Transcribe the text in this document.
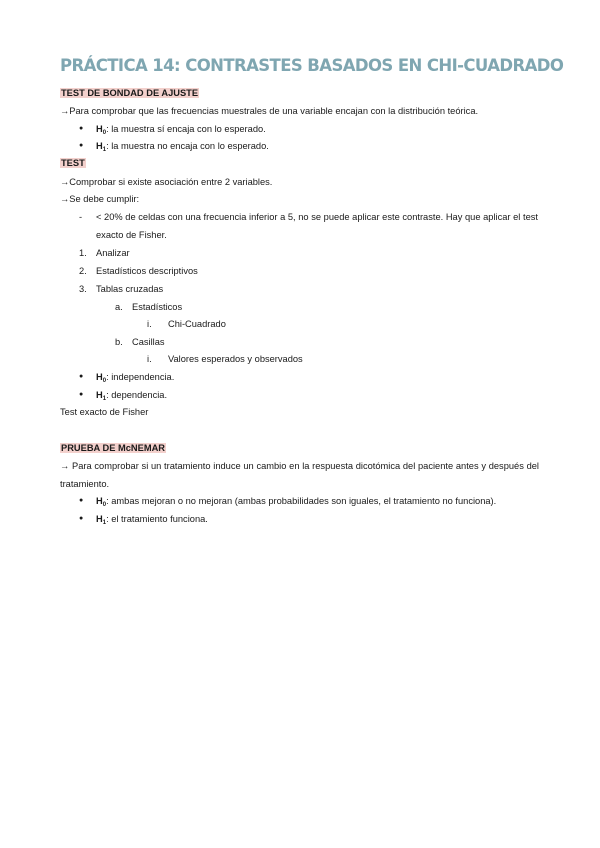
PRÁCTICA 14: CONTRASTES BASADOS EN CHI-CUADRADO
TEST DE BONDAD DE AJUSTE
→Para comprobar que las frecuencias muestrales de una variable encajan con la distribución teórica.
● $H_0$: la muestra sí encaja con lo esperado.
● $H_1$: la muestra no encaja con lo esperado.
TEST
→Comprobar si existe asociación entre 2 variables.
→Se debe cumplir:
- < 20% de celdas con una frecuencia inferior a 5, no se puede aplicar este contraste. Hay que aplicar el test exacto de Fisher.
1. Analizar
2. Estadísticos descriptivos
3. Tablas cruzadas
a. Estadísticos
i. Chi-Cuadrado
b. Casillas
i. Valores esperados y observados
● $H_0$: independencia.
● $H_1$: dependencia.
Test exacto de Fisher
PRUEBA DE McNEMAR
→ Para comprobar si un tratamiento induce un cambio en la respuesta dicotómica del paciente antes y después del tratamiento.
● $H_0$: ambas mejoran o no mejoran (ambas probabilidades son iguales, el tratamiento no funciona).
● $H_1$: el tratamiento funciona.
